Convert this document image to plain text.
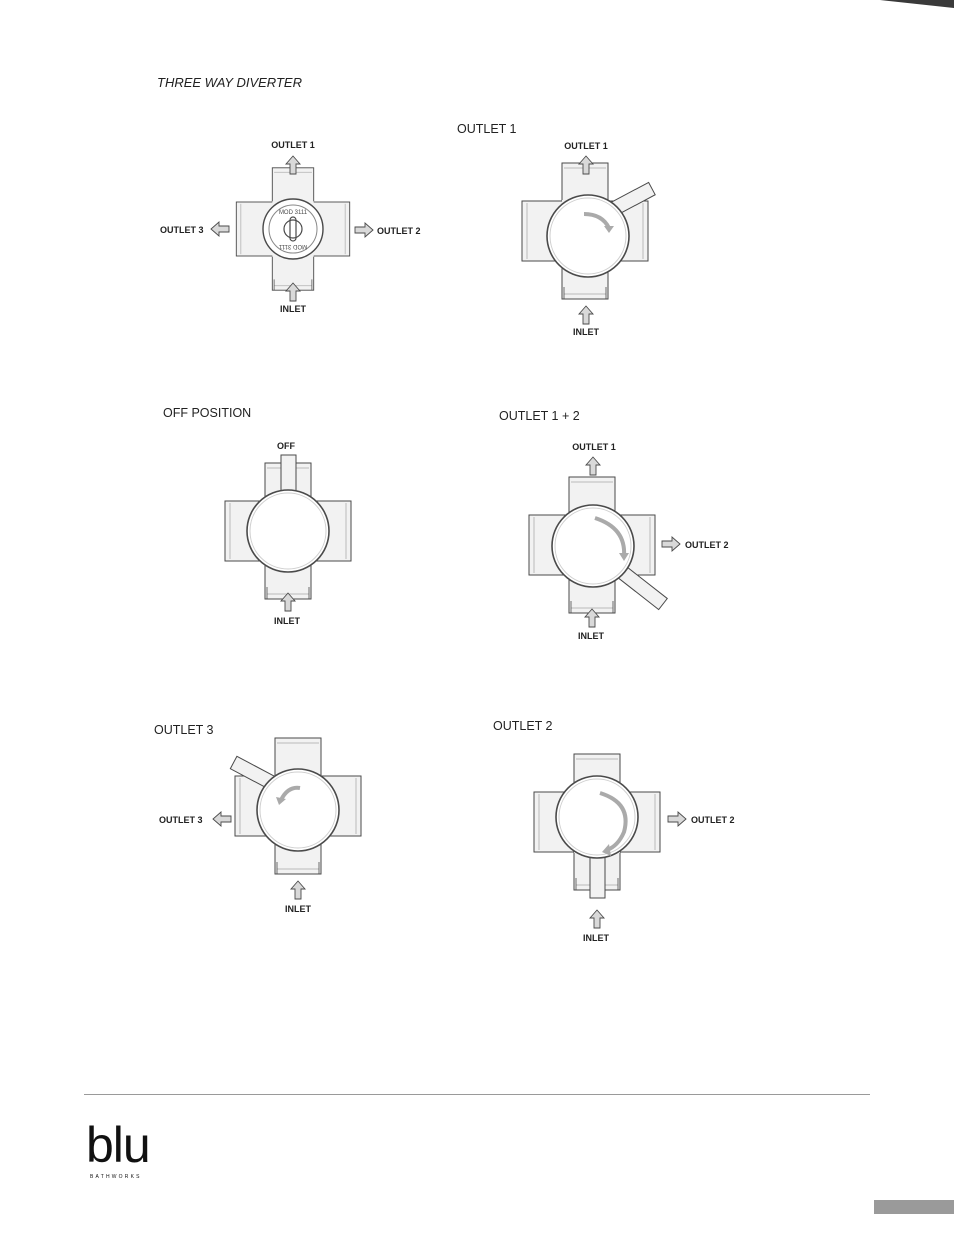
THREE WAY DIVERTER
OUTLET 1
OFF POSITION	OUTLET 1 + 2
OUTLET 3	OUTLET 2
MOD 3111
MOD 3111
OUTLET 1
OUTLET 3	OUTLET 2
INLET
OUTLET 1
INLET
OFF
INLET
OUTLET 1
OUTLET 2
INLET
OUTLET 3
INLET
OUTLET 2
INLET
blu
BATHWORKS
